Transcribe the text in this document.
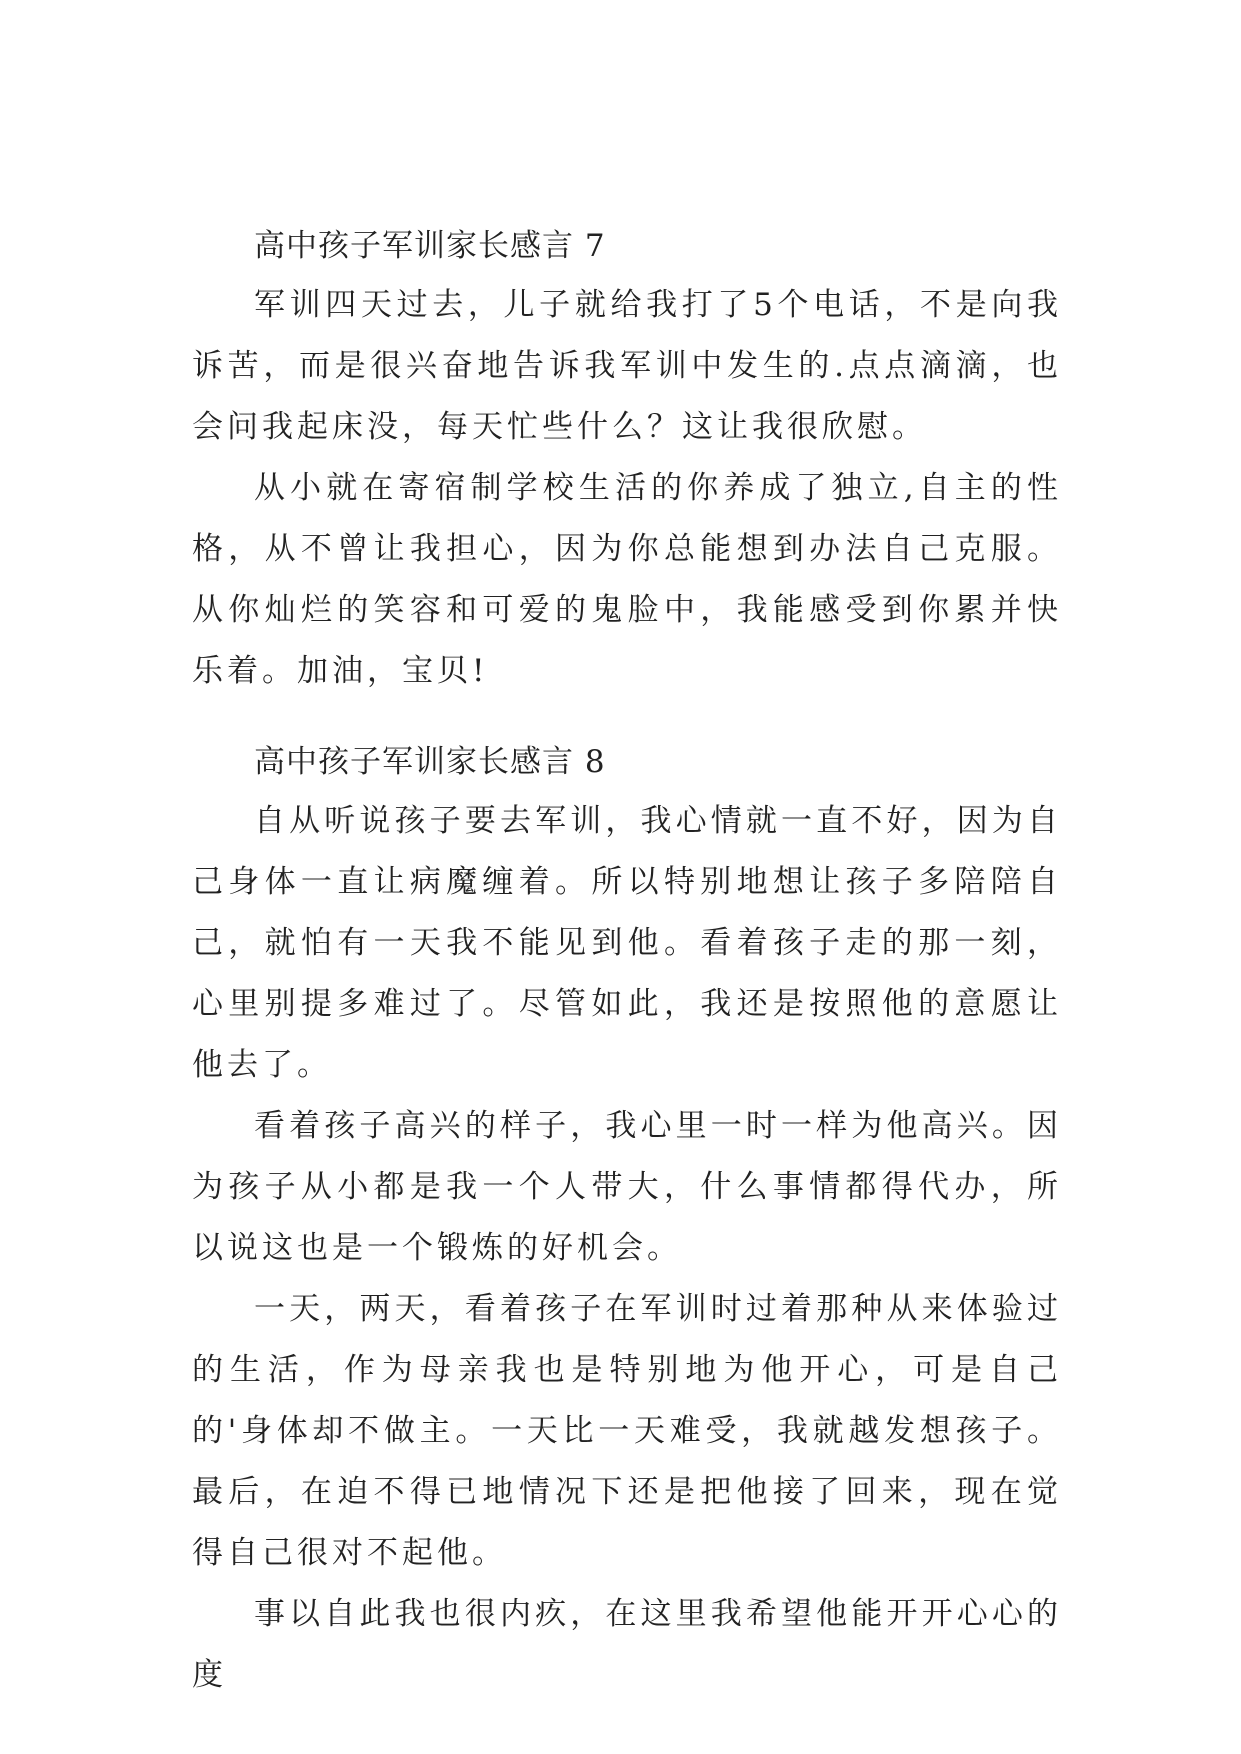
高中孩子军训家长感言 7

军训四天过去，儿子就给我打了5个电话，不是向我诉苦，而是很兴奋地告诉我军训中发生的.点点滴滴，也会问我起床没，每天忙些什么？这让我很欣慰。

从小就在寄宿制学校生活的你养成了独立,自主的性格，从不曾让我担心，因为你总能想到办法自己克服。从你灿烂的笑容和可爱的鬼脸中，我能感受到你累并快乐着。加油，宝贝!

高中孩子军训家长感言 8

自从听说孩子要去军训，我心情就一直不好，因为自己身体一直让病魔缠着。所以特别地想让孩子多陪陪自己，就怕有一天我不能见到他。看着孩子走的那一刻，心里别提多难过了。尽管如此，我还是按照他的意愿让他去了。

看着孩子高兴的样子，我心里一时一样为他高兴。因为孩子从小都是我一个人带大，什么事情都得代办，所以说这也是一个锻炼的好机会。

一天，两天，看着孩子在军训时过着那种从来体验过的生活，作为母亲我也是特别地为他开心，可是自己的'身体却不做主。一天比一天难受，我就越发想孩子。最后，在迫不得已地情况下还是把他接了回来，现在觉得自己很对不起他。

事以自此我也很内疚，在这里我希望他能开开心心的度
